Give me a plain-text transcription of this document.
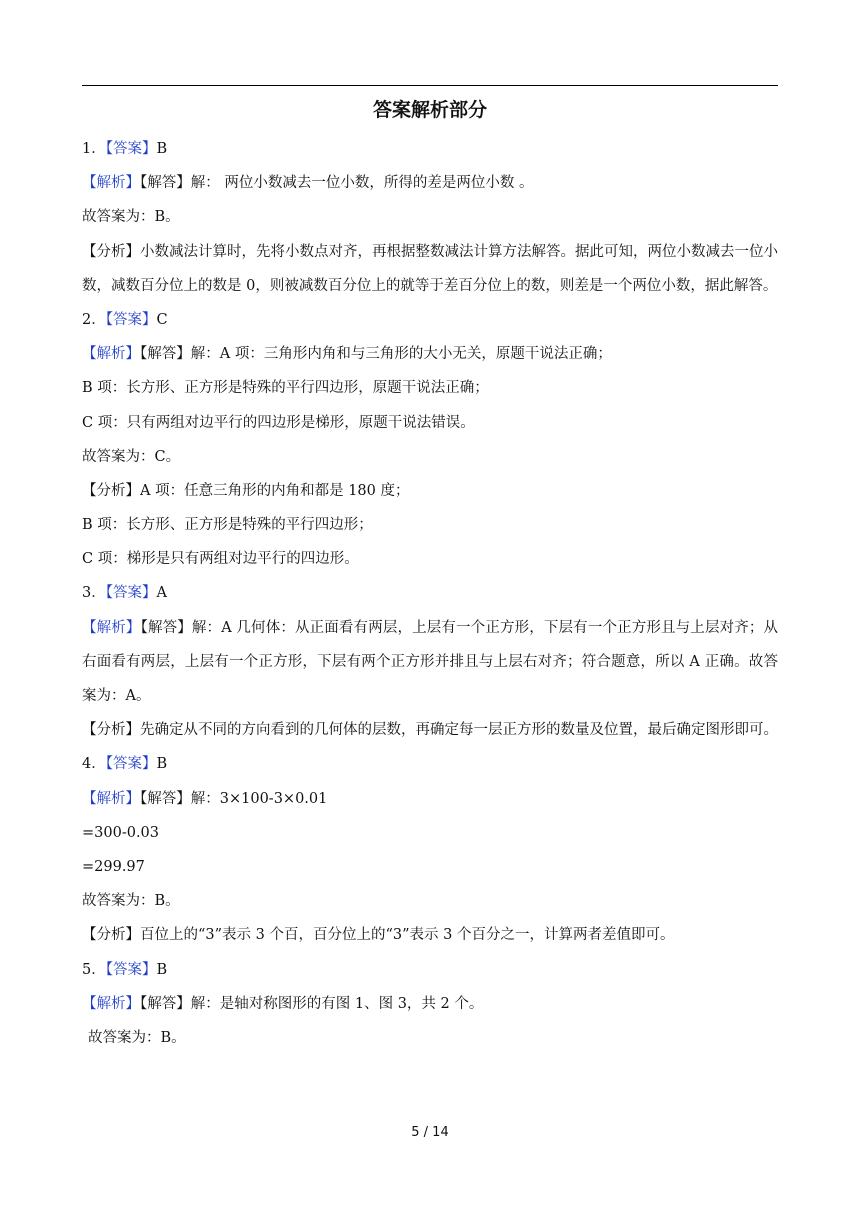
答案解析部分
1．【答案】B
【解析】【解答】解： 两位小数减去一位小数，所得的差是两位小数 。
故答案为：B。
【分析】小数减法计算时，先将小数点对齐，再根据整数减法计算方法解答。据此可知，两位小数减去一位小数，减数百分位上的数是 0，则被减数百分位上的就等于差百分位上的数，则差是一个两位小数，据此解答。
2．【答案】C
【解析】【解答】解：A 项：三角形内角和与三角形的大小无关，原题干说法正确；
B 项：长方形、正方形是特殊的平行四边形，原题干说法正确；
C 项：只有两组对边平行的四边形是梯形，原题干说法错误。
故答案为：C。
【分析】A 项：任意三角形的内角和都是 180 度；
B 项：长方形、正方形是特殊的平行四边形；
C 项：梯形是只有两组对边平行的四边形。
3．【答案】A
【解析】【解答】解：A 几何体：从正面看有两层，上层有一个正方形，下层有一个正方形且与上层对齐；从右面看有两层，上层有一个正方形，下层有两个正方形并排且与上层右对齐；符合题意，所以 A 正确。故答案为：A。
【分析】先确定从不同的方向看到的几何体的层数，再确定每一层正方形的数量及位置，最后确定图形即可。
4．【答案】B
【解析】【解答】解：3×100-3×0.01
=300-0.03
=299.97
故答案为：B。
【分析】百位上的“3”表示 3 个百，百分位上的“3”表示 3 个百分之一，计算两者差值即可。
5．【答案】B
【解析】【解答】解：是轴对称图形的有图 1、图 3，共 2 个。
故答案为：B。
5 / 14
